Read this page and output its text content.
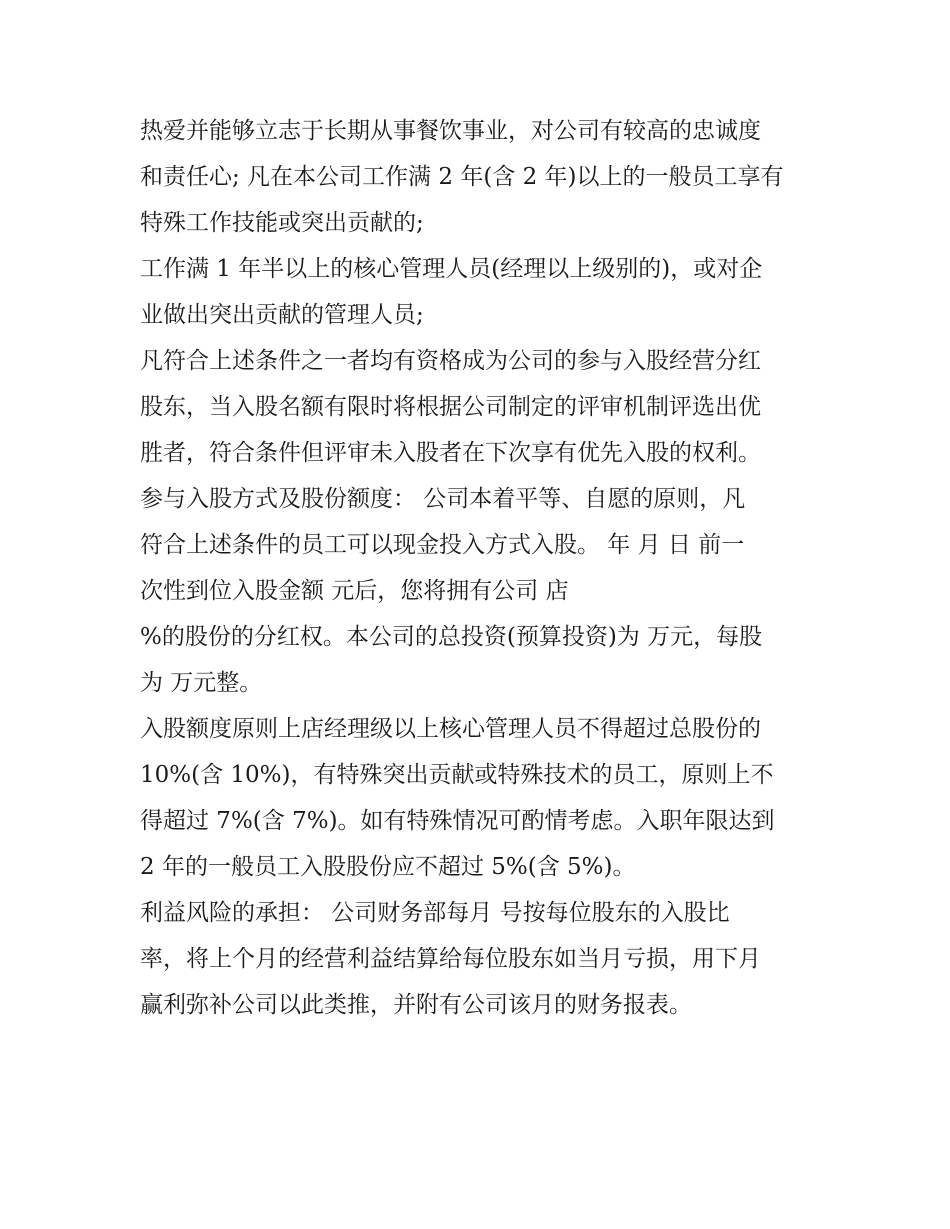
热爱并能够立志于长期从事餐饮事业，对公司有较高的忠诚度
和责任心; 凡在本公司工作满 2 年(含 2 年)以上的一般员工享有
特殊工作技能或突出贡献的;
工作满 1 年半以上的核心管理人员(经理以上级别的)，或对企
业做出突出贡献的管理人员;
凡符合上述条件之一者均有资格成为公司的参与入股经营分红
股东，当入股名额有限时将根据公司制定的评审机制评选出优
胜者，符合条件但评审未入股者在下次享有优先入股的权利。
参与入股方式及股份额度： 公司本着平等、自愿的原则，凡
符合上述条件的员工可以现金投入方式入股。 年 月 日 前一
次性到位入股金额 元后，您将拥有公司 店
%的股份的分红权。本公司的总投资(预算投资)为 万元，每股
为 万元整。
入股额度原则上店经理级以上核心管理人员不得超过总股份的
10%(含 10%)，有特殊突出贡献或特殊技术的员工，原则上不
得超过 7%(含 7%)。如有特殊情况可酌情考虑。入职年限达到
2 年的一般员工入股股份应不超过 5%(含 5%)。
利益风险的承担： 公司财务部每月 号按每位股东的入股比
率，将上个月的经营利益结算给每位股东如当月亏损，用下月
赢利弥补公司以此类推，并附有公司该月的财务报表。
